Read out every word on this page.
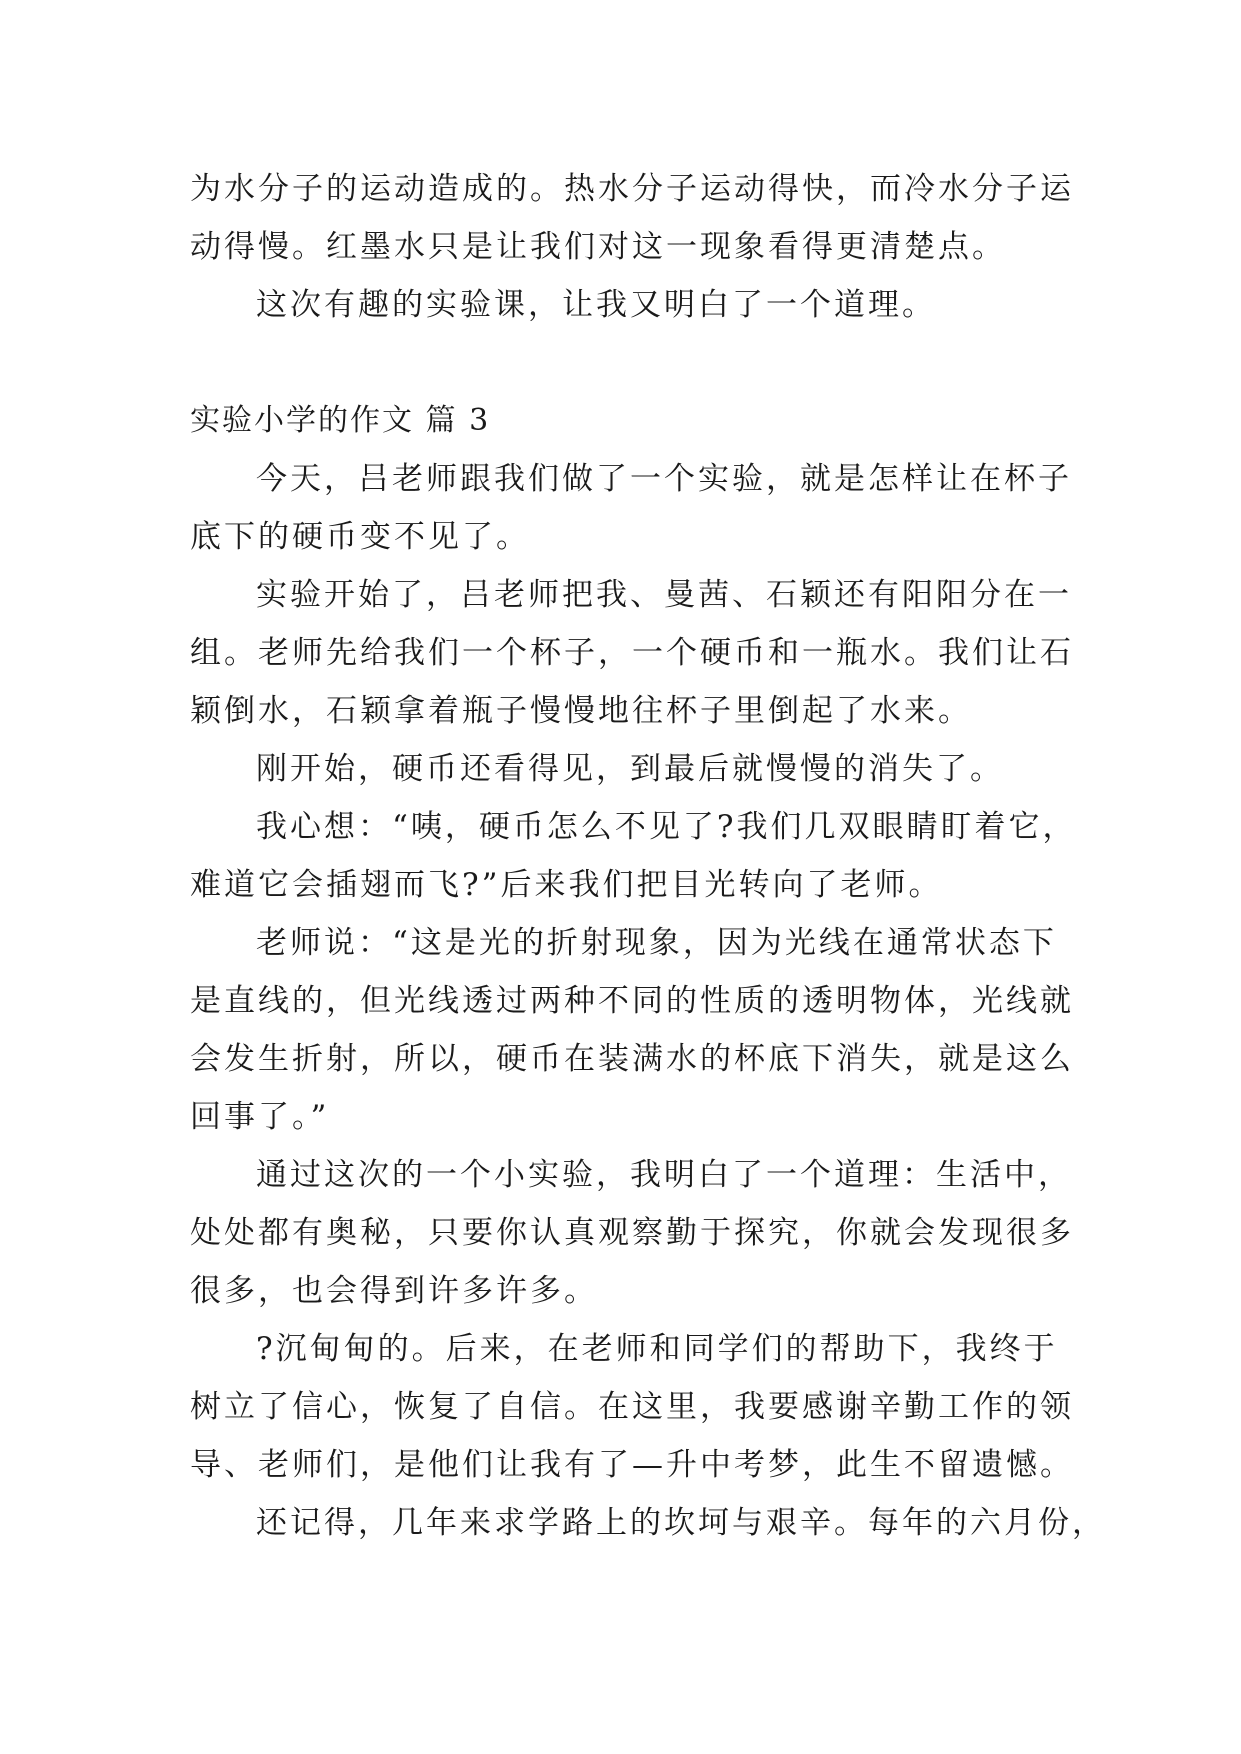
为水分子的运动造成的。热水分子运动得快，而冷水分子运
动得慢。红墨水只是让我们对这一现象看得更清楚点。
这次有趣的实验课，让我又明白了一个道理。
实验小学的作文 篇 3
今天，吕老师跟我们做了一个实验，就是怎样让在杯子
底下的硬币变不见了。
实验开始了，吕老师把我、曼茜、石颖还有阳阳分在一
组。老师先给我们一个杯子，一个硬币和一瓶水。我们让石
颖倒水，石颖拿着瓶子慢慢地往杯子里倒起了水来。
刚开始，硬币还看得见，到最后就慢慢的消失了。
我心想：“咦，硬币怎么不见了?我们几双眼睛盯着它，
难道它会插翅而飞?”后来我们把目光转向了老师。
老师说：“这是光的折射现象，因为光线在通常状态下
是直线的，但光线透过两种不同的性质的透明物体，光线就
会发生折射，所以，硬币在装满水的杯底下消失，就是这么
回事了。”
通过这次的一个小实验，我明白了一个道理：生活中，
处处都有奥秘，只要你认真观察勤于探究，你就会发现很多
很多，也会得到许多许多。
?沉甸甸的。后来，在老师和同学们的帮助下，我终于
树立了信心，恢复了自信。在这里，我要感谢辛勤工作的领
导、老师们，是他们让我有了—升中考梦，此生不留遗憾。
还记得，几年来求学路上的坎坷与艰辛。每年的六月份，
